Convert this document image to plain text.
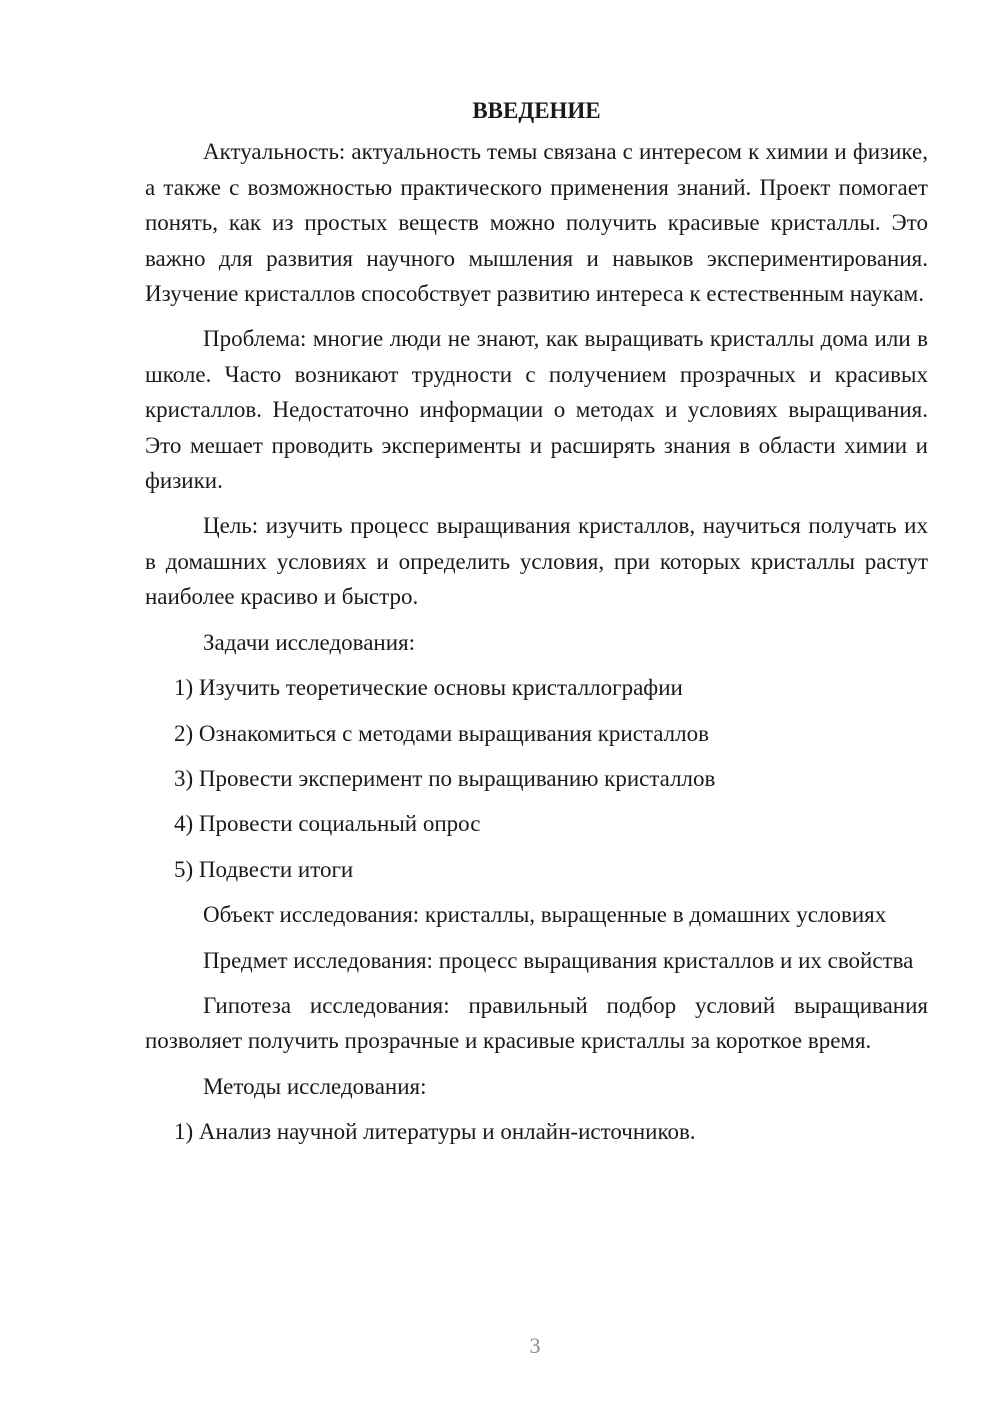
ВВЕДЕНИЕ

Актуальность: актуальность темы связана с интересом к химии и физике, а также с возможностью практического применения знаний. Проект помогает понять, как из простых веществ можно получить красивые кристаллы. Это важно для развития научного мышления и навыков экспериментирования. Изучение кристаллов способствует развитию интереса к естественным наукам.

Проблема: многие люди не знают, как выращивать кристаллы дома или в школе. Часто возникают трудности с получением прозрачных и красивых кристаллов. Недостаточно информации о методах и условиях выращивания. Это мешает проводить эксперименты и расширять знания в области химии и физики.

Цель: изучить процесс выращивания кристаллов, научиться получать их в домашних условиях и определить условия, при которых кристаллы растут наиболее красиво и быстро.

Задачи исследования:

1) Изучить теоретические основы кристаллографии

2) Ознакомиться с методами выращивания кристаллов

3) Провести эксперимент по выращиванию кристаллов

4) Провести социальный опрос

5) Подвести итоги

Объект исследования: кристаллы, выращенные в домашних условиях

Предмет исследования: процесс выращивания кристаллов и их свойства

Гипотеза исследования: правильный подбор условий выращивания позволяет получить прозрачные и красивые кристаллы за короткое время.

Методы исследования:

1) Анализ научной литературы и онлайн-источников.

3
